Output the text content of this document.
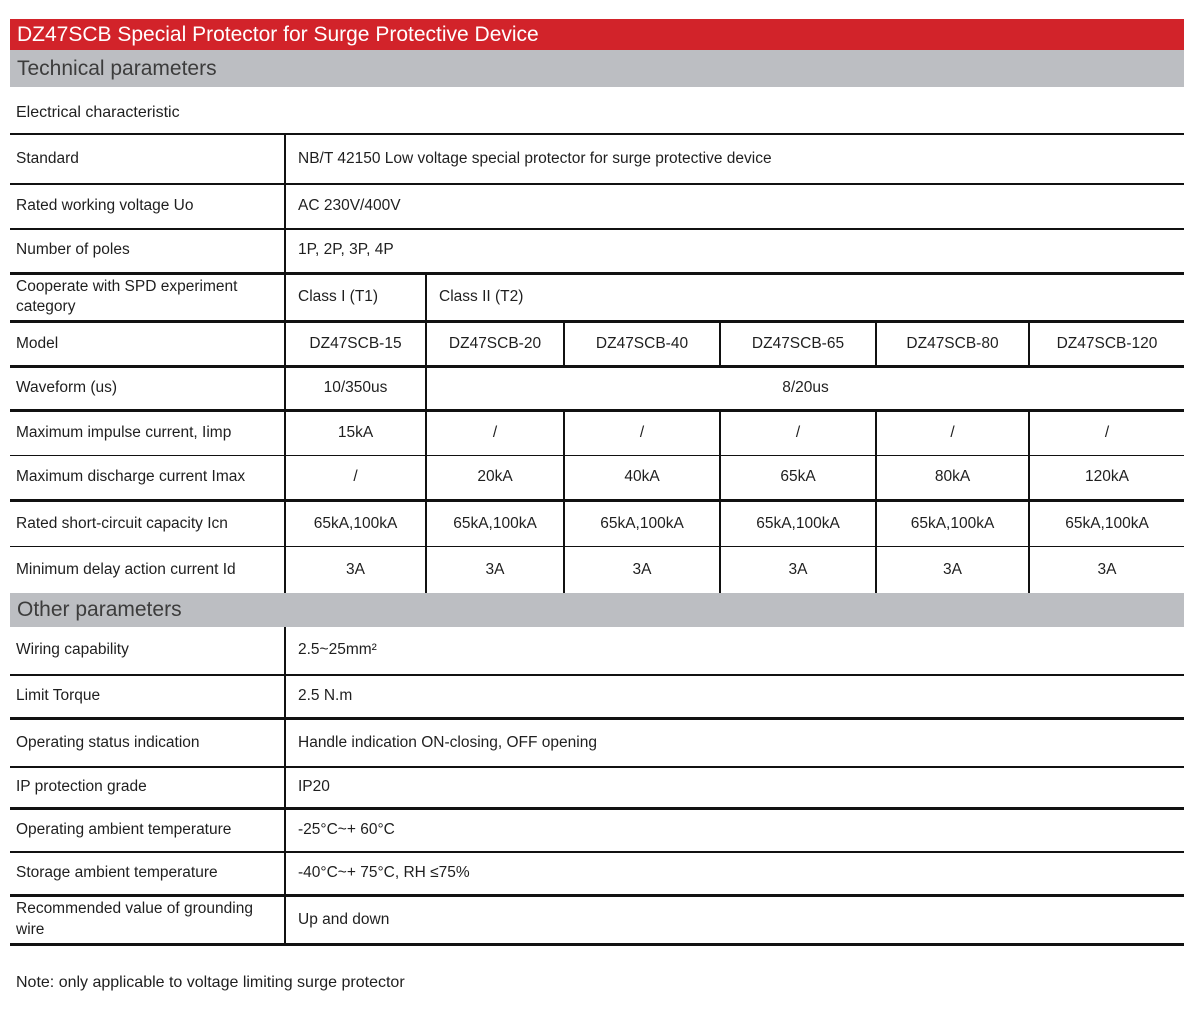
DZ47SCB Special Protector for Surge Protective Device
Technical parameters
Electrical characteristic
Standard	NB/T 42150 Low voltage special protector for surge protective device					
Rated working voltage Uo	AC 230V/400V					
Number of poles	1P, 2P, 3P, 4P					
Cooperate with SPD experiment category	Class I (T1)	Class II (T2)				
Model	DZ47SCB-15	DZ47SCB-20	DZ47SCB-40	DZ47SCB-65	DZ47SCB-80	DZ47SCB-120
Waveform (us)	10/350us	8/20us				
Maximum impulse current, Iimp	15kA	/	/	/	/	/
Maximum discharge current Imax	/	20kA	40kA	65kA	80kA	120kA
Rated short-circuit capacity Icn	65kA,100kA	65kA,100kA	65kA,100kA	65kA,100kA	65kA,100kA	65kA,100kA
Minimum delay action current Id	3A	3A	3A	3A	3A	3A
Other parameters
Wiring capability	2.5~25mm²
Limit Torque	2.5 N.m
Operating status indication	Handle indication ON-closing, OFF opening
IP protection grade	IP20
Operating ambient temperature	-25°C~+ 60°C
Storage ambient temperature	-40°C~+ 75°C, RH ≤75%
Recommended value of grounding wire	Up and down
Note: only applicable to voltage limiting surge protector
